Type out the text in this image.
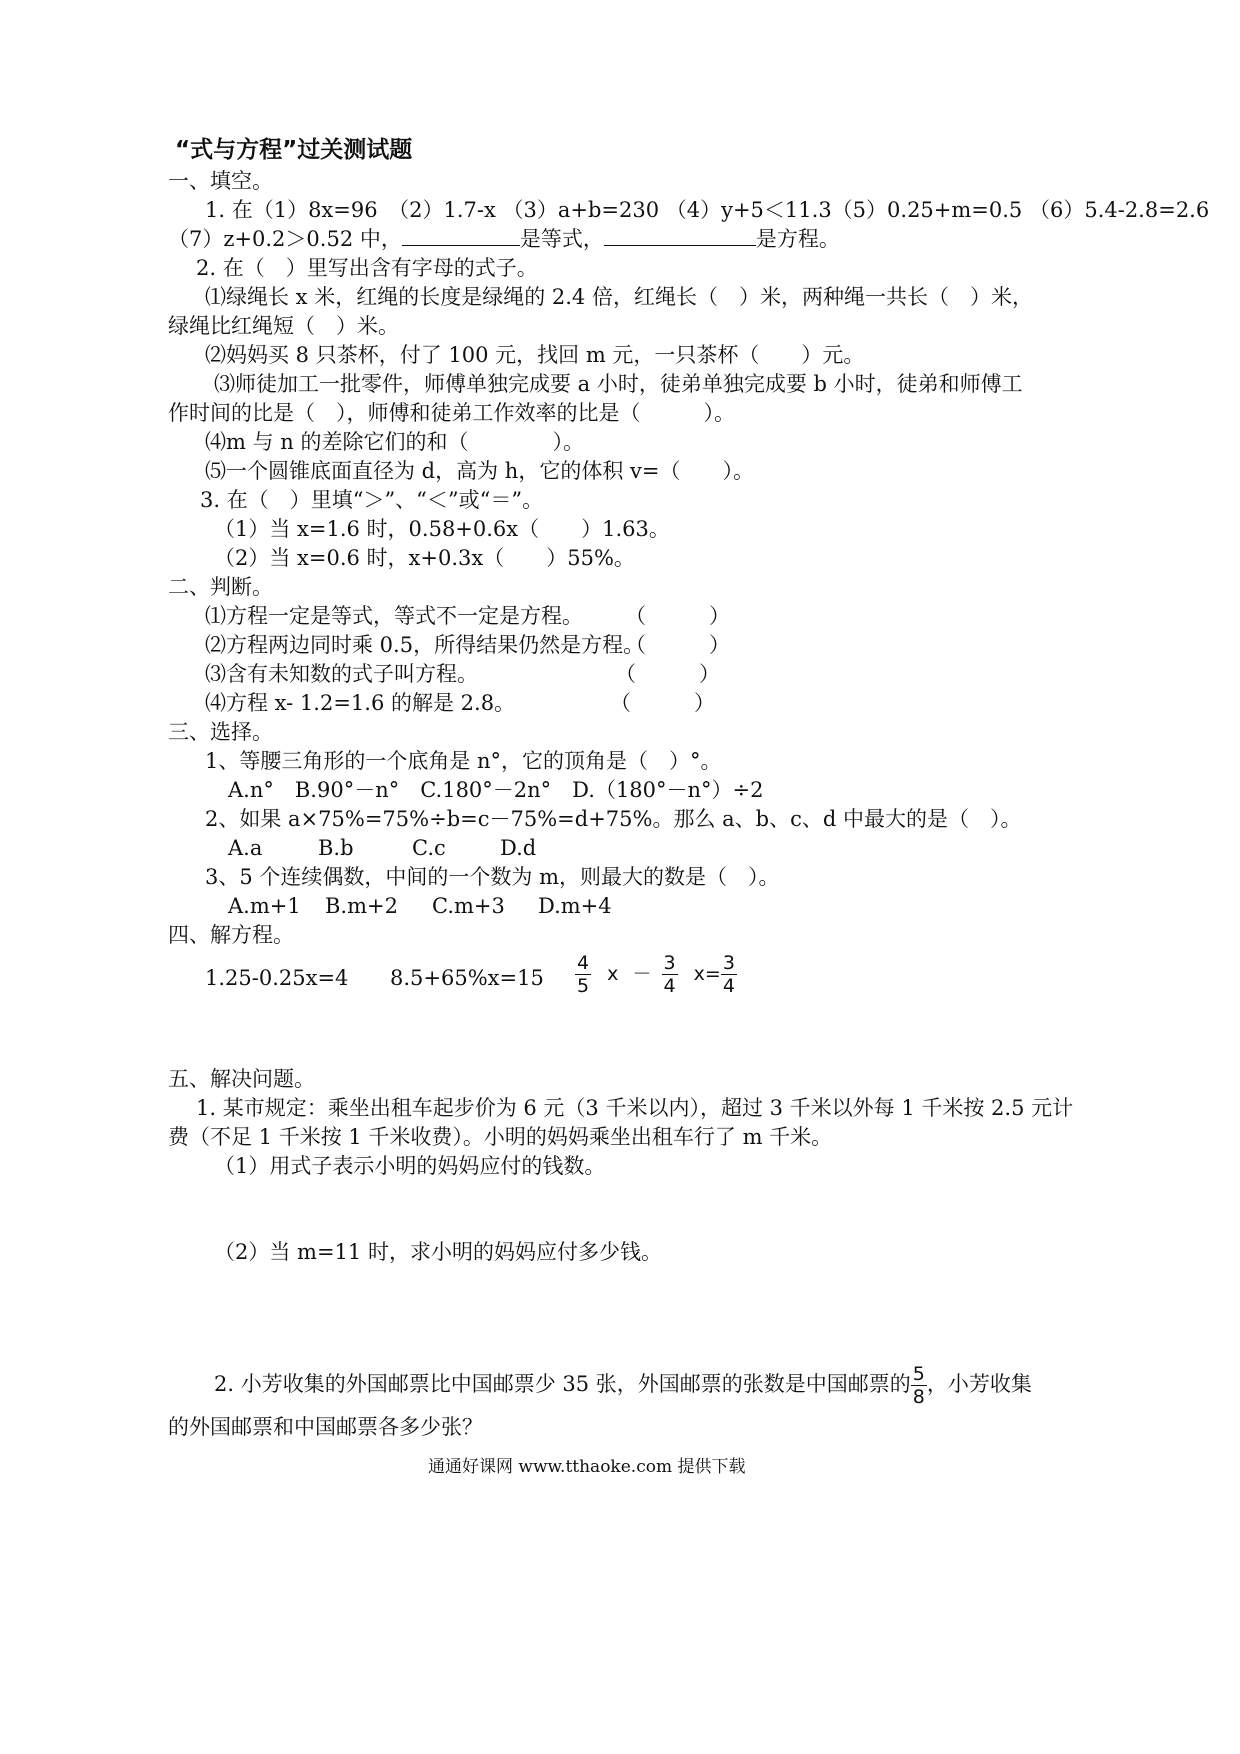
“式与方程”过关测试题
一、填空。
1. 在（1）8x=96　（2）1.7-x （3）a+b=230 （4）y+5＜11.3（5）0.25+m=0.5 （6）5.4-2.8=2.6
（7）z+0.2＞0.52 中，	是等式，	是方程。
2. 在（　）里写出含有字母的式子。
⑴绿绳长 x 米，红绳的长度是绿绳的 2.4 倍，红绳长（　）米，两种绳一共长（　）米，
绿绳比红绳短（　）米。
⑵妈妈买 8 只茶杯，付了 100 元，找回 m 元，一只茶杯（　　）元。
⑶师徒加工一批零件，师傅单独完成要 a 小时，徒弟单独完成要 b 小时，徒弟和师傅工
作时间的比是（　），师傅和徒弟工作效率的比是（　　　）。
⑷m 与 n 的差除它们的和（　　　　）。
⑸一个圆锥底面直径为 d，高为 h，它的体积 v=（　　）。
3. 在（　）里填“＞”、“＜”或“＝”。
（1）当 x=1.6 时，0.58+0.6x（　　）1.63。
（2）当 x=0.6 时，x+0.3x（　　）55%。
二、判断。
⑴方程一定是等式，等式不一定是方程。 （　　　）
⑵方程两边同时乘 0.5，所得结果仍然是方程。
（　　　）
⑶含有未知数的式子叫方程。	（　　　）
⑷方程 x- 1.2=1.6 的解是 2.8。	（　　　）
三、选择。
1、等腰三角形的一个底角是 n°，它的顶角是（　）°。
A.n°　B.90°－n°　C.180°－2n°　D.（180°－n°）÷2
2、如果 a×75%=75%÷b=c－75%=d+75%。那么 a、b、c、d 中最大的是（　）。
A.a	B.b	C.c	D.d
3、5 个连续偶数，中间的一个数为 m，则最大的数是（　）。
A.m+1 B.m+2 C.m+3 D.m+4
四、解方程。
1.25-0.25x=4 $8.5+65\%x=15 \frac{4}{5}$ $x - \frac{3}{4} x= \frac{3}{4}$
五、解决问题。
1. 某市规定：乘坐出租车起步价为 6 元（3 千米以内），超过 3 千米以外每 1 千米按 2.5 元计
费（不足 1 千米按 1 千米收费）。小明的妈妈乘坐出租车行了 m 千米。
（1）用式子表示小明的妈妈应付的钱数。
（2）当 m=11 时，求小明的妈妈应付多少钱。
2. 小芳收集的外国邮票比中国邮票少 35 张，外国邮票的张数是中国邮票的 $\frac{5}{8}$ ，小芳收集
的外国邮票和中国邮票各多少张？
通通好课网 www.tthaoke.com 提供下载
